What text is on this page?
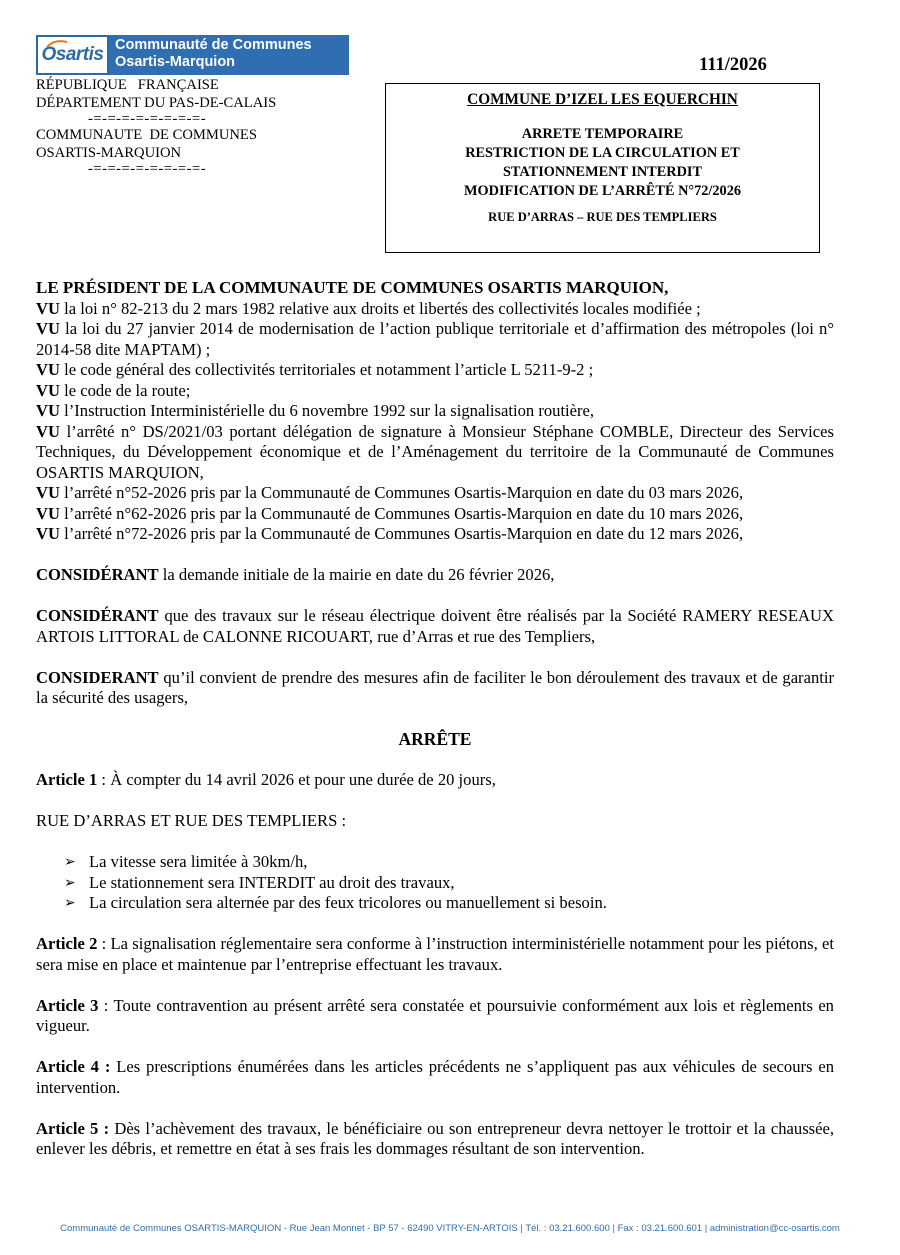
Osartis Communauté de Communes
Osartis-Marquion
RÉPUBLIQUE   FRANÇAISE
DÉPARTEMENT DU PAS-DE-CALAIS
-=-=-=-=-=-=-=-=-
COMMUNAUTE  DE COMMUNES
OSARTIS-MARQUION
-=-=-=-=-=-=-=-=-
111/2026
COMMUNE D’IZEL LES EQUERCHIN
ARRETE TEMPORAIRE
RESTRICTION DE LA CIRCULATION ET
STATIONNEMENT INTERDIT
MODIFICATION DE L’ARRÊTÉ N°72/2026
RUE D’ARRAS – RUE DES TEMPLIERS

LE PRÉSIDENT DE LA COMMUNAUTE DE COMMUNES OSARTIS MARQUION,

VU la loi n° 82-213 du 2 mars 1982 relative aux droits et libertés des collectivités locales modifiée ;

VU la loi du 27 janvier 2014 de modernisation de l’action publique territoriale et d’affirmation des métropoles (loi n° 2014-58 dite MAPTAM) ;

VU le code général des collectivités territoriales et notamment l’article L 5211-9-2 ;

VU le code de la route;

VU l’Instruction Interministérielle du 6 novembre 1992 sur la signalisation routière,

VU l’arrêté n° DS/2021/03 portant délégation de signature à Monsieur Stéphane COMBLE, Directeur des Services Techniques, du Développement économique et de l’Aménagement du territoire de la Communauté de Communes OSARTIS MARQUION,

VU l’arrêté n°52-2026 pris par la Communauté de Communes Osartis-Marquion en date du 03 mars 2026,

VU l’arrêté n°62-2026 pris par la Communauté de Communes Osartis-Marquion en date du 10 mars 2026,

VU l’arrêté n°72-2026 pris par la Communauté de Communes Osartis-Marquion en date du 12 mars 2026,

CONSIDÉRANT la demande initiale de la mairie en date du 26 février 2026,

CONSIDÉRANT que des travaux sur le réseau électrique doivent être réalisés par la Société RAMERY RESEAUX ARTOIS LITTORAL de CALONNE RICOUART, rue d’Arras et rue des Templiers,

CONSIDERANT qu’il convient de prendre des mesures afin de faciliter le bon déroulement des travaux et de garantir la sécurité des usagers,

ARRÊTE

Article 1 : À compter du 14 avril 2026 et pour une durée de 20 jours,

RUE D’ARRAS ET RUE DES TEMPLIERS :

➢ La vitesse sera limitée à 30km/h,
➢ Le stationnement sera INTERDIT au droit des travaux,
➢ La circulation sera alternée par des feux tricolores ou manuellement si besoin.

Article 2 : La signalisation réglementaire sera conforme à l’instruction interministérielle notamment pour les piétons, et sera mise en place et maintenue par l’entreprise effectuant les travaux.

Article 3 : Toute contravention au présent arrêté sera constatée et poursuivie conformément aux lois et règlements en vigueur.

Article 4 : Les prescriptions énumérées dans les articles précédents ne s’appliquent pas aux véhicules de secours en intervention.

Article 5 : Dès l’achèvement des travaux, le bénéficiaire ou son entrepreneur devra nettoyer le trottoir et la chaussée, enlever les débris, et remettre en état à ses frais les dommages résultant de son intervention.

Communauté de Communes OSARTIS-MARQUION - Rue Jean Monnet - BP 57 - 62490 VITRY-EN-ARTOIS | Tél. : 03.21.600.600 | Fax : 03.21.600.601 | administration@cc-osartis.com
